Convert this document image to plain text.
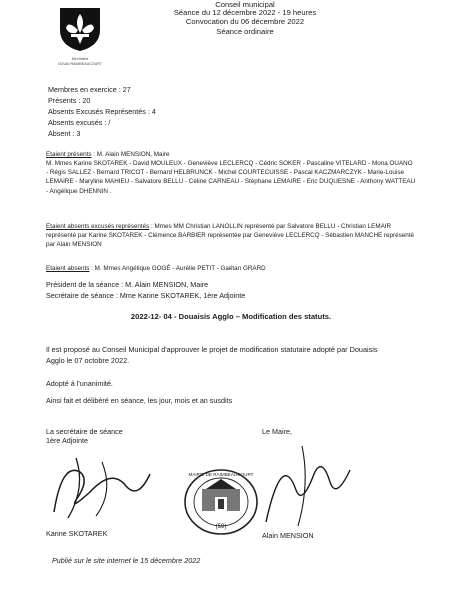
Mel Mairie
DOUAI RAIMBEAUCOURT
Conseil municipal
Séance du 12 décembre 2022 - 19 heures
Convocation du 06 décembre 2022
Séance ordinaire
Membres en exercice : 27
Présents : 20
Absents Excusés Représentés : 4
Absents excusés : /
Absent : 3
Etaient présents : M. Alain MENSION, Maire
M. Mmes Karine SKOTAREK - David MOULEUX - Geneviève LECLERCQ - Cédric SOKER - Pascaline VITELARD - Mona OUANO - Régis SALLEZ - Bernard TRICOT - Bernard HELBRUNCK - Michel COURTECUISSE - Pascal KACZMARCZYK - Marie-Louise LEMAIRE - Maryline MAHIEU - Salvatore BELLU - Céline CARNEAU - Stéphane LEMAIRE - Eric DUQUESNE - Anthony WATTEAU - Angélique DHENNIN .
Etaient absents excusés représentés : Mmes MM Christian LANOLLIN représenté par Salvatore BELLU - Christian LEMAIR représenté par Karine SKOTAREK - Clémence BARBIER représentée par Geneviève LECLERCQ - Sébastien MANCHE représenté par Alain MENSION
Etaient absents : M. Mmes Angélique GOGÉ - Aurélie PETIT - Gaëtan GRARD
Président de la séance : M. Alain MENSION, Maire
Secrétaire de séance : Mme Karine SKOTAREK, 1ère Adjointe
2022-12- 04 - Douaisis Agglo – Modification des statuts.
Il est proposé au Conseil Municipal d'approuver le projet de modification statutaire adopté par Douaisis Agglo le 07 octobre 2022.
Adopté à l'unanimité.
Ainsi fait et délibéré en séance, les jour, mois et an susdits
La secrétaire de séance
1ère Adjointe
Karine SKOTAREK
Le Maire,
Alain MENSION
(59)
MAIRIE DE RAIMBEAUCOURT
Publié sur le site internet le 15 décembre 2022
